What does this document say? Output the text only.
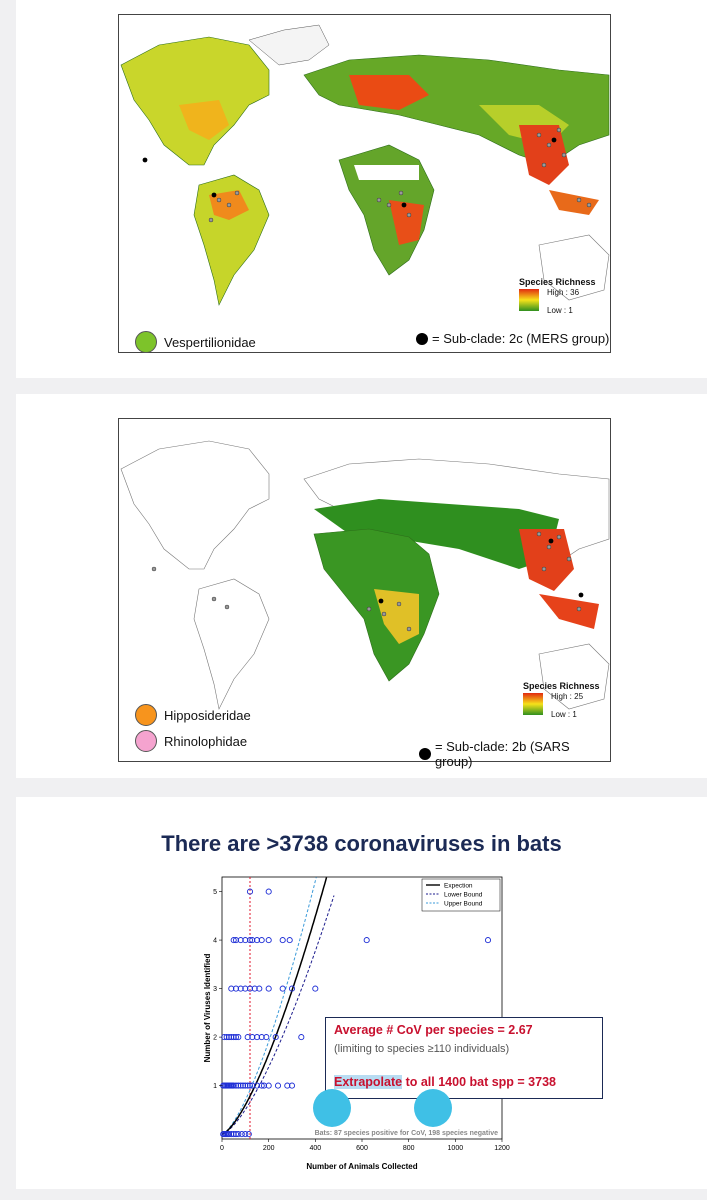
Species Richness
High : 36
Low : 1
Vespertilionidae	= Sub-clade: 2c (MERS group)
Species Richness
High : 25
Low : 1
Hipposideridae
Rhinolophidae	= Sub-clade: 2b (SARS group)
There are >3738 coronaviruses in bats
0	200	400	600	800	1000	1200
1
2
3
4
5
Number of Animals Collected
Number of Viruses Identified
Bats: 87 species positive for CoV, 198 species negative
Expection
Lower Bound
Upper Bound
Average # CoV per species = 2.67
(limiting to species ≥110 individuals)
Extrapolate to all 1400 bat spp = 3738
